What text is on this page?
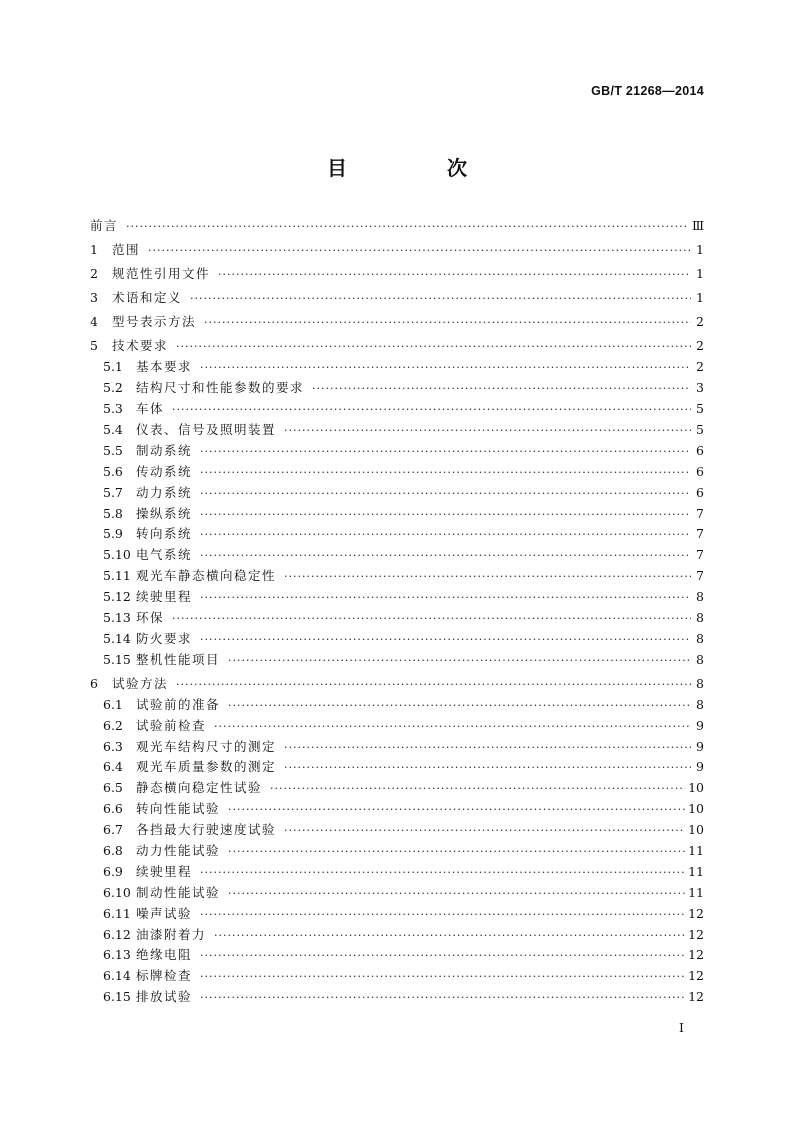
GB/T 21268—2014
目　次
前言 ·····	Ⅲ
1	范围 ·····	1
2	规范性引用文件 ·····	1
3	术语和定义 ·····	1
4	型号表示方法 ·····	2
5	技术要求 ·····	2
5.1	基本要求 ·····	2
5.2	结构尺寸和性能参数的要求 ·····	3
5.3	车体 ·····	5
5.4	仪表、信号及照明装置 ·····	5
5.5	制动系统 ·····	6
5.6	传动系统 ·····	6
5.7	动力系统 ·····	6
5.8	操纵系统 ·····	7
5.9	转向系统 ·····	7
5.10 电气系统 ·····	7
5.11 观光车静态横向稳定性 ·····	7
5.12 续驶里程 ·····	8
5.13 环保 ·····	8
5.14 防火要求 ·····	8
5.15 整机性能项目 ·····	8
6	试验方法 ·····	8
6.1	试验前的准备 ·····	8
6.2	试验前检查 ·····	9
6.3	观光车结构尺寸的测定 ·····	9
6.4	观光车质量参数的测定 ·····	9
6.5	静态横向稳定性试验 ·····	10
6.6	转向性能试验 ·····	10
6.7	各挡最大行驶速度试验 ·····	10
6.8	动力性能试验 ·····	11
6.9	续驶里程 ·····	11
6.10 制动性能试验 ·····	11
6.11 噪声试验 ·····	12
6.12 油漆附着力 ·····	12
6.13 绝缘电阻 ·····	12
6.14 标牌检查 ·····	12
6.15 排放试验 ·····	12
Ⅰ
